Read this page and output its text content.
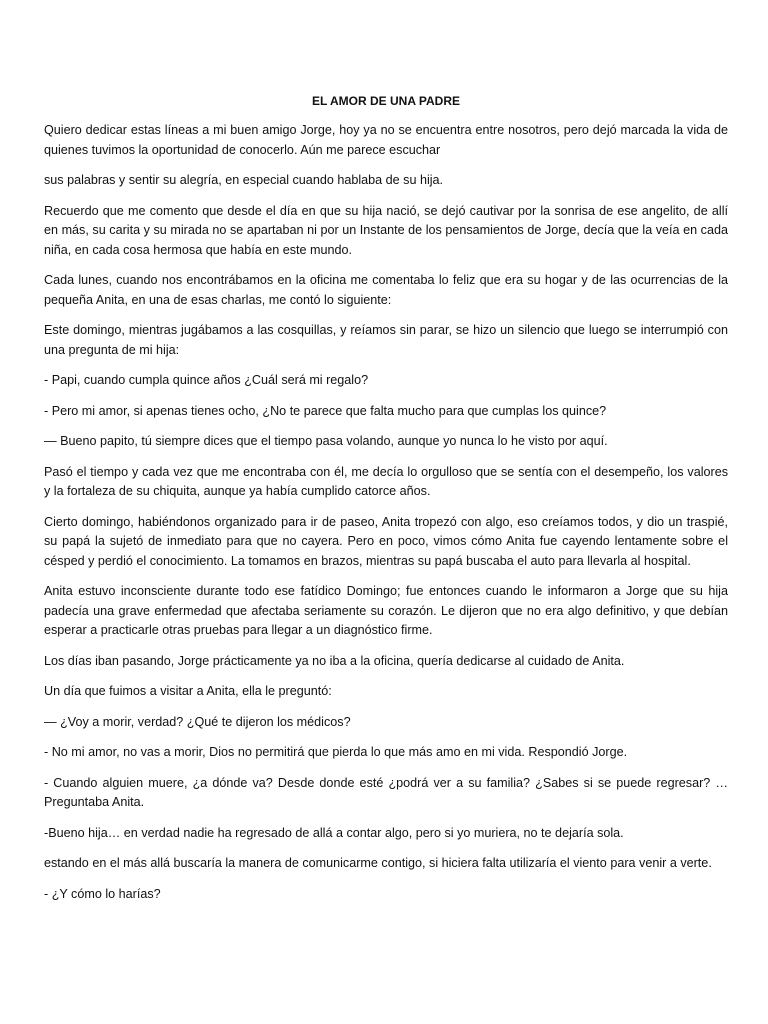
EL AMOR DE UNA PADRE

Quiero dedicar estas líneas a mi buen amigo Jorge, hoy ya no se encuentra entre nosotros, pero dejó marcada la vida de quienes tuvimos la oportunidad de conocerlo. Aún me parece escuchar

sus palabras y sentir su alegría, en especial cuando hablaba de su hija.

Recuerdo que me comento que desde el día en que su hija nació, se dejó cautivar por la sonrisa de ese angelito, de allí en más, su carita y su mirada no se apartaban ni por un Instante de los pensamientos de Jorge, decía que la veía en cada niña, en cada cosa hermosa que había en este mundo.

Cada lunes, cuando nos encontrábamos en la oficina me comentaba lo feliz que era su hogar y de las ocurrencias de la pequeña Anita, en una de esas charlas, me contó lo siguiente:

Este domingo, mientras jugábamos a las cosquillas, y reíamos sin parar, se hizo un silencio que luego se interrumpió con una pregunta de mi hija:

- Papi, cuando cumpla quince años ¿Cuál será mi regalo?

- Pero mi amor, si apenas tienes ocho, ¿No te parece que falta mucho para que cumplas los quince?

— Bueno papito, tú siempre dices que el tiempo pasa volando, aunque yo nunca lo he visto por aquí.

Pasó el tiempo y cada vez que me encontraba con él, me decía lo orgulloso que se sentía con el desempeño, los valores y la fortaleza de su chiquita, aunque ya había cumplido catorce años.

Cierto domingo, habiéndonos organizado para ir de paseo, Anita tropezó con algo, eso creíamos todos, y dio un traspié, su papá la sujetó de inmediato para que no cayera. Pero en poco, vimos cómo Anita fue cayendo lentamente sobre el césped y perdió el conocimiento. La tomamos en brazos, mientras su papá buscaba el auto para llevarla al hospital.

Anita estuvo inconsciente durante todo ese fatídico Domingo; fue entonces cuando le informaron a Jorge que su hija padecía una grave enfermedad que afectaba seriamente su corazón. Le dijeron que no era algo definitivo, y que debían esperar a practicarle otras pruebas para llegar a un diagnóstico firme.

Los días iban pasando, Jorge prácticamente ya no iba a la oficina, quería dedicarse al cuidado de Anita.

Un día que fuimos a visitar a Anita, ella le preguntó:

— ¿Voy a morir, verdad? ¿Qué te dijeron los médicos?

- No mi amor, no vas a morir, Dios no permitirá que pierda lo que más amo en mi vida. Respondió Jorge.

- Cuando alguien muere, ¿a dónde va? Desde donde esté ¿podrá ver a su familia? ¿Sabes si se puede regresar? … Preguntaba Anita.

-Bueno hija… en verdad nadie ha regresado de allá a contar algo, pero si yo muriera, no te dejaría sola.

estando en el más allá buscaría la manera de comunicarme contigo, si hiciera falta utilizaría el viento para venir a verte.

- ¿Y cómo lo harías?
